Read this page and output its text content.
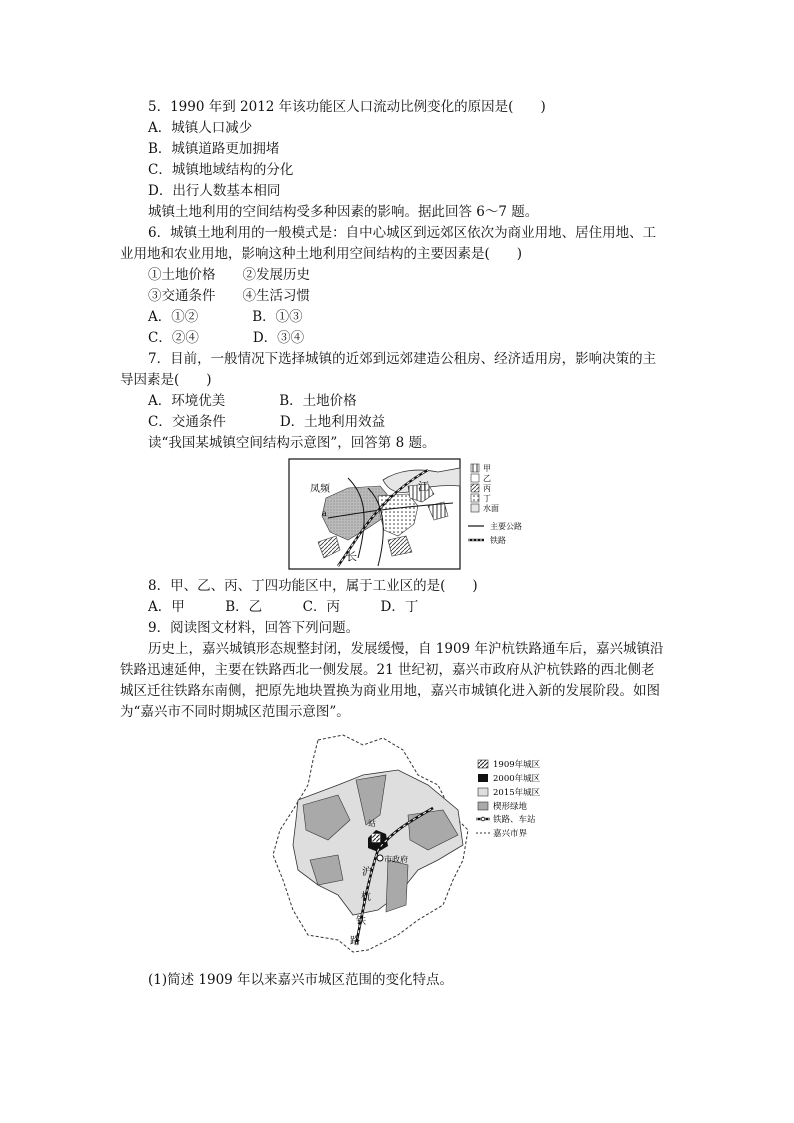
5．1990 年到 2012 年该功能区人口流动比例变化的原因是(　　)
A．城镇人口减少
B．城镇道路更加拥堵
C．城镇地域结构的分化
D．出行人数基本相同
城镇土地利用的空间结构受多种因素的影响。据此回答 6～7 题。
6．城镇土地利用的一般模式是：自中心城区到远郊区依次为商业用地、居住用地、工
业用地和农业用地，影响这种土地利用空间结构的主要因素是(　　)
①土地价格　　②发展历史
③交通条件　　④生活习惯
A．①②　　　　B．①③
C．②④　　　　D．③④
7．目前，一般情况下选择城镇的近郊到远郊建造公租房、经济适用房，影响决策的主
导因素是(　　)
A．环境优美　　　　B．土地价格
C．交通条件　　　　D．土地利用效益
读“我国某城镇空间结构示意图”，回答第 8 题。
凤频	江
长
a
甲
乙
丙
丁
水面
主要公路
铁路
8．甲、乙、丙、丁四功能区中，属于工业区的是(　　)
A．甲　　　B．乙　　　C．丙　　　D．丁
9．阅读图文材料，回答下列问题。
历史上，嘉兴城镇形态规整封闭，发展缓慢，自 1909 年沪杭铁路通车后，嘉兴城镇沿
铁路迅速延伸，主要在铁路西北一侧发展。21 世纪初，嘉兴市政府从沪杭铁路的西北侧老
城区迁往铁路东南侧，把原先地块置换为商业用地，嘉兴市城镇化进入新的发展阶段。如图
为“嘉兴市不同时期城区范围示意图”。
站
市政府
沪
杭
铁
路
1909年城区
2000年城区
2015年城区
楔形绿地
铁路、车站
嘉兴市界
(1)简述 1909 年以来嘉兴市城区范围的变化特点。
